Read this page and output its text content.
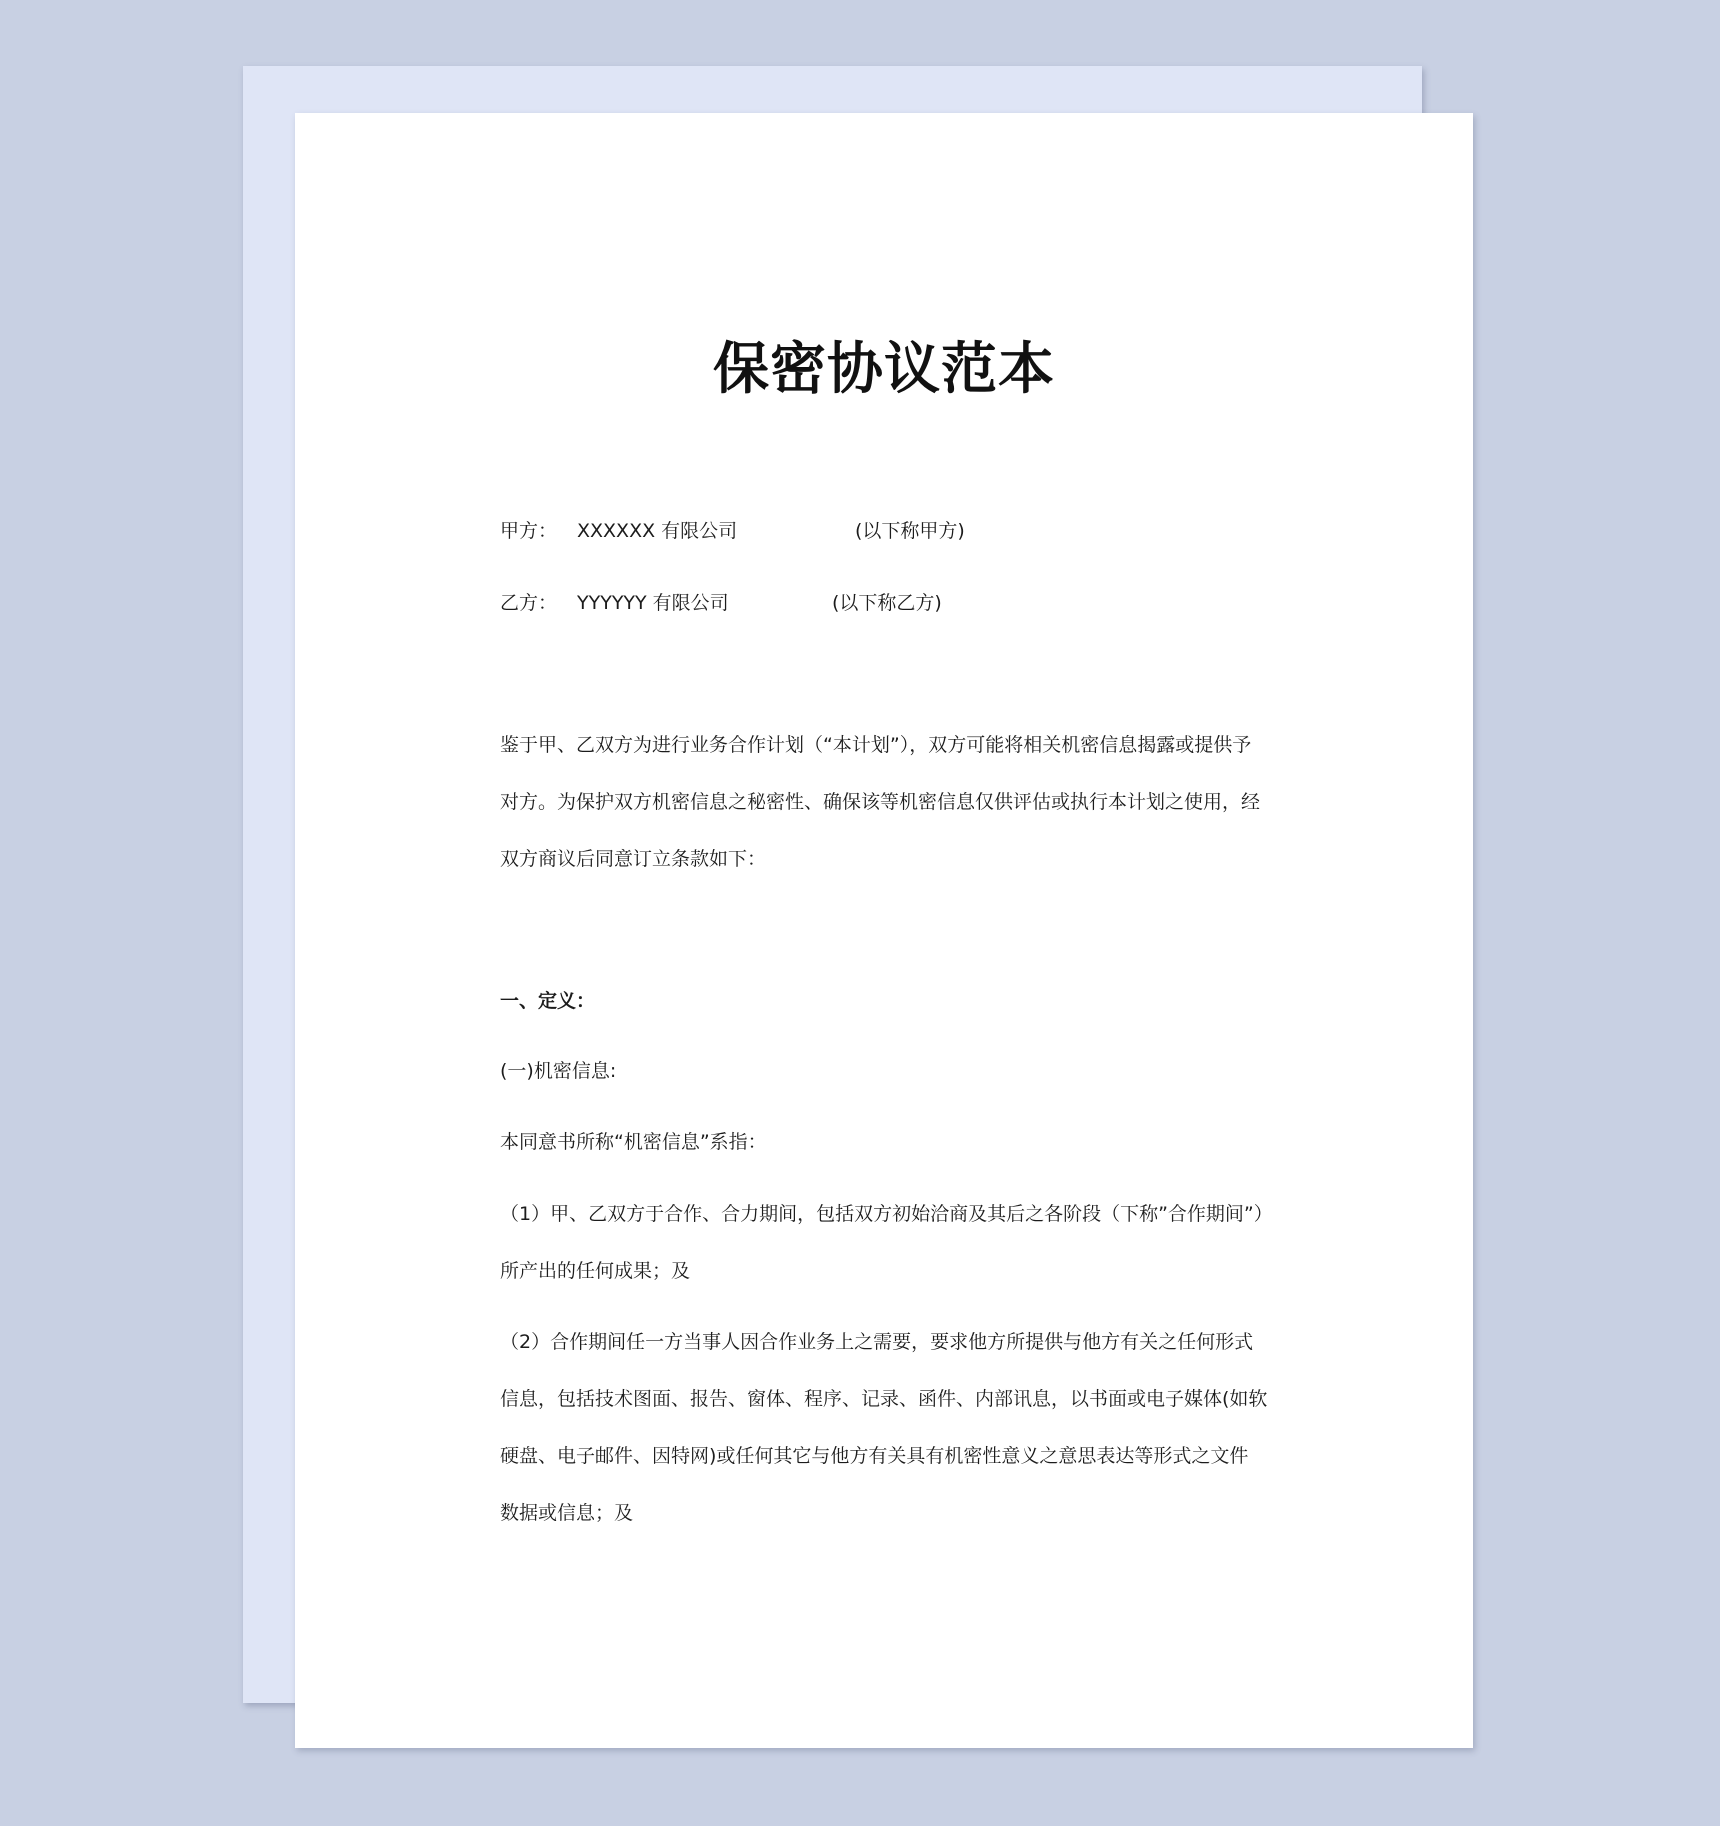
保密协议范本
甲方： XXXXXX 有限公司	(以下称甲方)
乙方： YYYYYY 有限公司	(以下称乙方)
鉴于甲、乙双方为进行业务合作计划（“本计划”），双方可能将相关机密信息揭露或提供予
对方。为保护双方机密信息之秘密性、确保该等机密信息仅供评估或执行本计划之使用，经
双方商议后同意订立条款如下：
一、定义：
(一)机密信息:
本同意书所称“机密信息”系指：
（1）甲、乙双方于合作、合力期间，包括双方初始洽商及其后之各阶段（下称”合作期间”）
所产出的任何成果；及
（2）合作期间任一方当事人因合作业务上之需要，要求他方所提供与他方有关之任何形式
信息，包括技术图面、报告、窗体、程序、记录、函件、内部讯息，以书面或电子媒体(如软
硬盘、电子邮件、因特网)或任何其它与他方有关具有机密性意义之意思表达等形式之文件
数据或信息；及
